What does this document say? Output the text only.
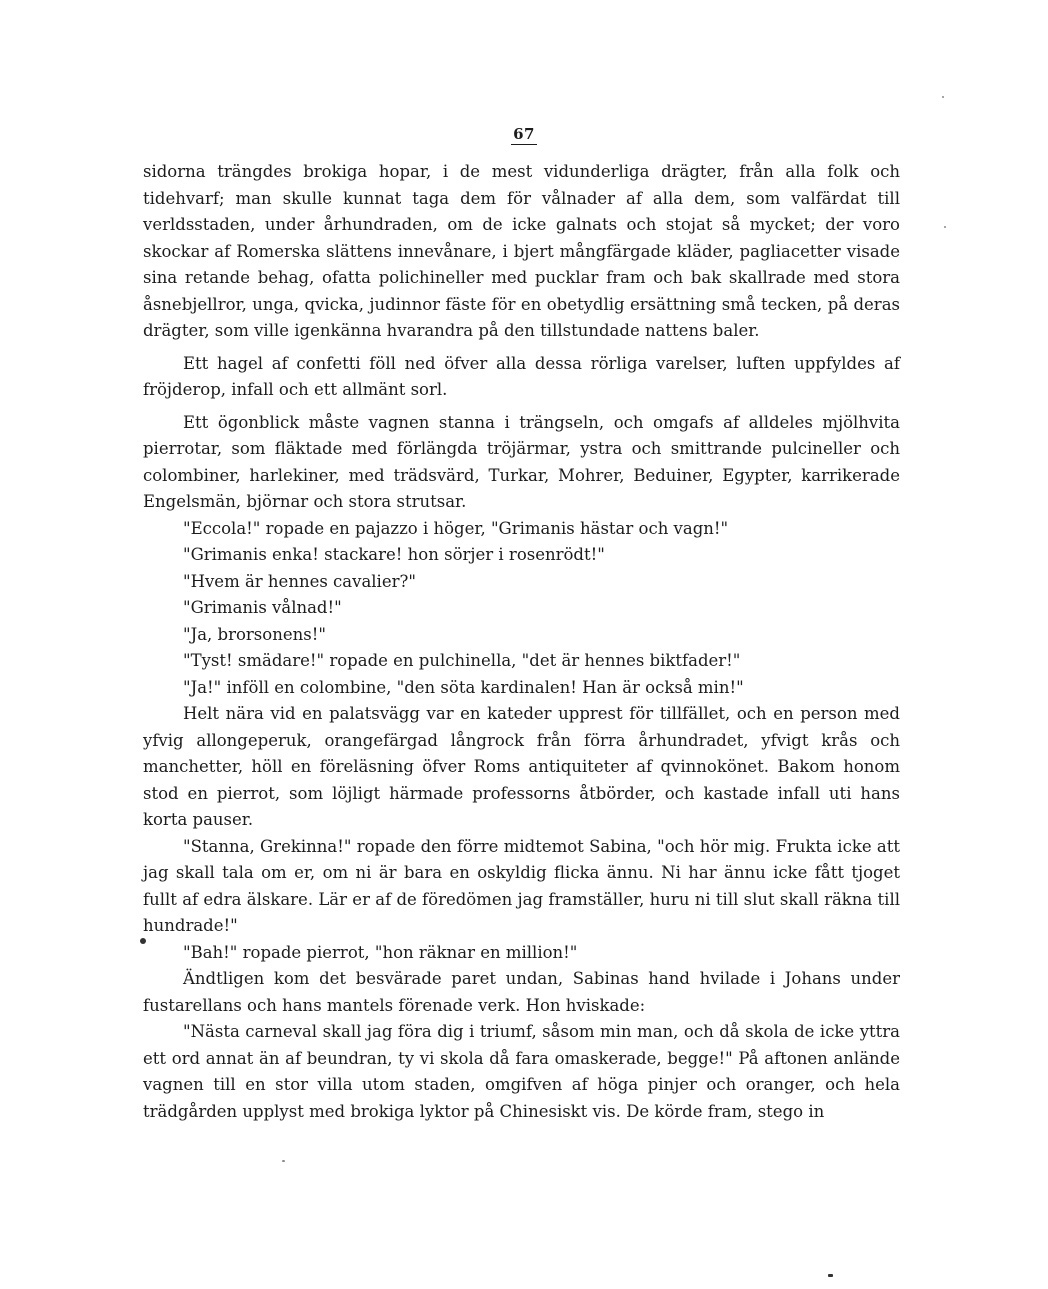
67

sidorna trängdes brokiga hopar, i de mest vidunderliga drägter, från alla folk och tidehvarf; man skulle kunnat taga dem för vålnader af alla dem, som valfärdat till verldsstaden, under århundraden, om de icke galnats och stojat så mycket; der voro skockar af Romerska slättens innevånare, i bjert mångfärgade kläder, pagliacetter visade sina retande behag, ofatta polichineller med pucklar fram och bak skallrade med stora åsnebjellror, unga, qvicka, judinnor fäste för en obetydlig ersättning små tecken, på deras drägter, som ville igenkänna hvarandra på den tillstundade nattens baler.

Ett hagel af confetti föll ned öfver alla dessa rörliga varelser, luften uppfyldes af fröjderop, infall och ett allmänt sorl.

Ett ögonblick måste vagnen stanna i trängseln, och omgafs af alldeles mjölhvita pierrotar, som fläktade med förlängda tröjärmar, ystra och smittrande pulcineller och colombiner, harlekiner, med trädsvärd, Turkar, Mohrer, Beduiner, Egypter, karrikerade Engelsmän, björnar och stora strutsar.

"Eccola!" ropade en pajazzo i höger, "Grimanis hästar och vagn!"

"Grimanis enka! stackare! hon sörjer i rosenrödt!"

"Hvem är hennes cavalier?"

"Grimanis vålnad!"

"Ja, brorsonens!"

"Tyst! smädare!" ropade en pulchinella, "det är hennes biktfader!"

"Ja!" inföll en colombine, "den söta kardinalen! Han är också min!"

Helt nära vid en palatsvägg var en kateder upprest för tillfället, och en person med yfvig allongeperuk, orangefärgad långrock från förra århundradet, yfvigt krås och manchetter, höll en föreläsning öfver Roms antiquiteter af qvinnokönet. Bakom honom stod en pierrot, som löjligt härmade professorns åtbörder, och kastade infall uti hans korta pauser.

"Stanna, Grekinna!" ropade den förre midtemot Sabina, "och hör mig. Frukta icke att jag skall tala om er, om ni är bara en oskyldig flicka ännu. Ni har ännu icke fått tjoget fullt af edra älskare. Lär er af de föredömen jag framställer, huru ni till slut skall räkna till hundrade!"

"Bah!" ropade pierrot, "hon räknar en million!"

Ändtligen kom det besvärade paret undan, Sabinas hand hvilade i Johans under fustarellans och hans mantels förenade verk. Hon hviskade:

"Nästa carneval skall jag föra dig i triumf, såsom min man, och då skola de icke yttra ett ord annat än af beundran, ty vi skola då fara omaskerade, begge!" På aftonen anlände vagnen till en stor villa utom staden, omgifven af höga pinjer och oranger, och hela trädgården upplyst med brokiga lyktor på Chinesiskt vis. De körde fram, stego in
